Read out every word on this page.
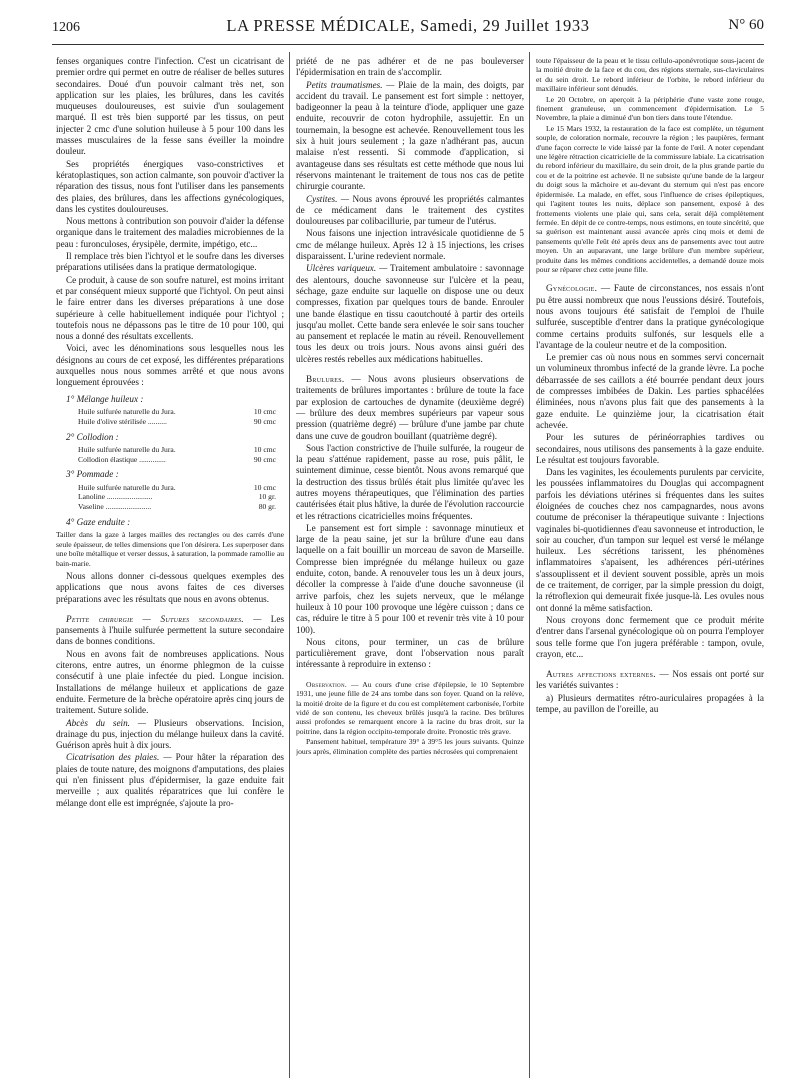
1206	LA PRESSE MÉDICALE, Samedi, 29 Juillet 1933	N° 60

fenses organiques contre l'infection. C'est un cicatrisant de premier ordre qui permet en outre de réaliser de belles sutures secondaires. Doué d'un pouvoir calmant très net, son application sur les plaies, les brûlures, dans les cavités muqueuses douloureuses, est suivie d'un soulagement marqué. Il est très bien supporté par les tissus, on peut injecter 2 cmc d'une solution huileuse à 5 pour 100 dans les masses musculaires de la fesse sans éveiller la moindre douleur.

Ses propriétés énergiques vaso-constrictives et kératoplastiques, son action calmante, son pouvoir d'activer la réparation des tissus, nous font l'utiliser dans les pansements des plaies, des brûlures, dans les affections gynécologiques, dans les cystites douloureuses.

Nous mettons à contribution son pouvoir d'aider la défense organique dans le traitement des maladies microbiennes de la peau : furonculoses, érysipèle, dermite, impétigo, etc...

Il remplace très bien l'ichtyol et le soufre dans les diverses préparations utilisées dans la pratique dermatologique.

Ce produit, à cause de son soufre naturel, est moins irritant et par conséquent mieux supporté que l'ichtyol. On peut ainsi le faire entrer dans les diverses préparations à une dose supérieure à celle habituellement indiquée pour l'ichtyol ; toutefois nous ne dépassons pas le titre de 10 pour 100, qui nous a donné des résultats excellents.

Voici, avec les dénominations sous lesquelles nous les désignons au cours de cet exposé, les différentes préparations auxquelles nous nous sommes arrêté et que nous avons longuement éprouvées :

1° Mélange huileux :
Huile sulfurée naturelle du Jura.	10 cmc
Huile d'olive stérilisée ..........	90 cmc
2° Collodion :
Huile sulfurée naturelle du Jura.	10 cmc
Collodion élastique ..............	90 cmc
3° Pommade :
Huile sulfurée naturelle du Jura.	10 cmc
Lanoline ........................	10 gr.
Vaseline ........................	80 gr.
4° Gaze enduite :

Tailler dans la gaze à larges mailles des rectangles ou des carrés d'une seule épaisseur, de telles dimensions que l'on désirera. Les superposer dans une boîte métallique et verser dessus, à saturation, la pommade ramollie au bain-marie.

Nous allons donner ci-dessous quelques exemples des applications que nous avons faites de ces diverses préparations avec les résultats que nous en avons obtenus.

Petite chirurgie — Sutures secondaires. — Les pansements à l'huile sulfurée permettent la suture secondaire dans de bonnes conditions.

Nous en avons fait de nombreuses applications. Nous citerons, entre autres, un énorme phlegmon de la cuisse consécutif à une plaie infectée du pied. Longue incision. Installations de mélange huileux et applications de gaze enduite. Fermeture de la brèche opératoire après cinq jours de traitement. Suture solide.

Abcès du sein. — Plusieurs observations. Incision, drainage du pus, injection du mélange huileux dans la cavité. Guérison après huit à dix jours.

Cicatrisation des plaies. — Pour hâter la réparation des plaies de toute nature, des moignons d'amputations, des plaies qui n'en finissent plus d'épidermiser, la gaze enduite fait merveille ; aux qualités réparatrices que lui confère le mélange dont elle est imprégnée, s'ajoute la pro-

priété de ne pas adhérer et de ne pas bouleverser l'épidermisation en train de s'accomplir.

Petits traumatismes. — Plaie de la main, des doigts, par accident du travail. Le pansement est fort simple : nettoyer, badigeonner la peau à la teinture d'iode, appliquer une gaze enduite, recouvrir de coton hydrophile, assujettir. En un tournemain, la besogne est achevée. Renouvellement tous les six à huit jours seulement ; la gaze n'adhérant pas, aucun malaise n'est ressenti. Si commode d'application, si avantageuse dans ses résultats est cette méthode que nous lui réservons maintenant le traitement de tous nos cas de petite chirurgie courante.

Cystites. — Nous avons éprouvé les propriétés calmantes de ce médicament dans le traitement des cystites douloureuses par colibacillurie, par tumeur de l'utérus.

Nous faisons une injection intravésicale quotidienne de 5 cmc de mélange huileux. Après 12 à 15 injections, les crises disparaissent. L'urine redevient normale.

Ulcères variqueux. — Traitement ambulatoire : savonnage des alentours, douche savonneuse sur l'ulcère et la peau, séchage, gaze enduite sur laquelle on dispose une ou deux compresses, fixation par quelques tours de bande. Enrouler une bande élastique en tissu caoutchouté à partir des orteils jusqu'au mollet. Cette bande sera enlevée le soir sans toucher au pansement et replacée le matin au réveil. Renouvellement tous les deux ou trois jours. Nous avons ainsi guéri des ulcères restés rebelles aux médications habituelles.

Brulures. — Nous avons plusieurs observations de traitements de brûlures importantes : brûlure de toute la face par explosion de cartouches de dynamite (deuxième degré) — brûlure des deux membres supérieurs par vapeur sous pression (quatrième degré) — brûlure d'une jambe par chute dans une cuve de goudron bouillant (quatrième degré).

Sous l'action constrictive de l'huile sulfurée, la rougeur de la peau s'atténue rapidement, passe au rose, puis pâlit, le suintement diminue, cesse bientôt. Nous avons remarqué que la destruction des tissus brûlés était plus limitée qu'avec les autres moyens thérapeutiques, que l'élimination des parties cautérisées était plus hâtive, la durée de l'évolution raccourcie et les rétractions cicatricielles moins fréquentes.

Le pansement est fort simple : savonnage minutieux et large de la peau saine, jet sur la brûlure d'une eau dans laquelle on a fait bouillir un morceau de savon de Marseille. Compresse bien imprégnée du mélange huileux ou gaze enduite, coton, bande. A renouveler tous les un à deux jours, décoller la compresse à l'aide d'une douche savonneuse (il arrive parfois, chez les sujets nerveux, que le mélange huileux à 10 pour 100 provoque une légère cuisson ; dans ce cas, réduire le titre à 5 pour 100 et revenir très vite à 10 pour 100).

Nous citons, pour terminer, un cas de brûlure particulièrement grave, dont l'observation nous paraît intéressante à reproduire in extenso :

Observation. — Au cours d'une crise d'épilepsie, le 10 Septembre 1931, une jeune fille de 24 ans tombe dans son foyer. Quand on la relève, la moitié droite de la figure et du cou est complètement carbonisée, l'orbite vidé de son contenu, les cheveux brûlés jusqu'à la racine. Des brûlures aussi profondes se remarquent encore à la racine du bras droit, sur la poitrine, dans la région occipito-temporale droite. Pronostic très grave.

Pansement habituel, température 39° à 39°5 les jours suivants. Quinze jours après, élimination complète des parties nécrosées qui comprenaient

toute l'épaisseur de la peau et le tissu cellulo-aponévrotique sous-jacent de la moitié droite de la face et du cou, des régions sternale, sus-claviculaires et du sein droit. Le rebord inférieur de l'orbite, le rebord inférieur du maxillaire inférieur sont dénudés.

Le 20 Octobre, on aperçoit à la périphérie d'une vaste zone rouge, finement granuleuse, un commencement d'épidermisation. Le 5 Novembre, la plaie a diminué d'un bon tiers dans toute l'étendue.

Le 15 Mars 1932, la restauration de la face est complète, un tégument souple, de coloration normale, recouvre la région ; les paupières, fermant d'une façon correcte le vide laissé par la fonte de l'œil. A noter cependant une légère rétraction cicatricielle de la commissure labiale. La cicatrisation du rebord inférieur du maxillaire, du sein droit, de la plus grande partie du cou et de la poitrine est achevée. Il ne subsiste qu'une bande de la largeur du doigt sous la mâchoire et au-devant du sternum qui n'est pas encore épidermisée. La malade, en effet, sous l'influence de crises épileptiques, qui l'agitent toutes les nuits, déplace son pansement, exposé à des frottements violents une plaie qui, sans cela, serait déjà complètement fermée. En dépit de ce contre-temps, nous estimons, en toute sincérité, que sa guérison est maintenant aussi avancée après cinq mois et demi de pansements qu'elle l'eût été après deux ans de pansements avec tout autre moyen. Un an auparavant, une large brûlure d'un membre supérieur, produite dans les mêmes conditions accidentelles, a demandé douze mois pour se réparer chez cette jeune fille.

Gynécologie. — Faute de circonstances, nos essais n'ont pu être aussi nombreux que nous l'eussions désiré. Toutefois, nous avons toujours été satisfait de l'emploi de l'huile sulfurée, susceptible d'entrer dans la pratique gynécologique comme certains produits sulfonés, sur lesquels elle a l'avantage de la couleur neutre et de la composition.

Le premier cas où nous nous en sommes servi concernait un volumineux thrombus infecté de la grande lèvre. La poche débarrassée de ses caillots a été bourrée pendant deux jours de compresses imbibées de Dakin. Les parties sphacélées éliminées, nous n'avons plus fait que des pansements à la gaze enduite. Le quinzième jour, la cicatrisation était achevée.

Pour les sutures de périnéorraphies tardives ou secondaires, nous utilisons des pansements à la gaze enduite. Le résultat est toujours favorable.

Dans les vaginites, les écoulements purulents par cervicite, les poussées inflammatoires du Douglas qui accompagnent parfois les déviations utérines si fréquentes dans les suites éloignées de couches chez nos campagnardes, nous avons coutume de préconiser la thérapeutique suivante : Injections vaginales bi-quotidiennes d'eau savonneuse et introduction, le soir au coucher, d'un tampon sur lequel est versé le mélange huileux. Les sécrétions tarissent, les phénomènes inflammatoires s'apaisent, les adhérences péri-utérines s'assouplissent et il devient souvent possible, après un mois de ce traitement, de corriger, par la simple pression du doigt, la rétroflexion qui demeurait fixée jusque-là. Les ovules nous ont donné la même satisfaction.

Nous croyons donc fermement que ce produit mérite d'entrer dans l'arsenal gynécologique où on pourra l'employer sous telle forme que l'on jugera préférable : tampon, ovule, crayon, etc...

Autres affections externes. — Nos essais ont porté sur les variétés suivantes :

a) Plusieurs dermatites rétro-auriculaires propagées à la tempe, au pavillon de l'oreille, au
